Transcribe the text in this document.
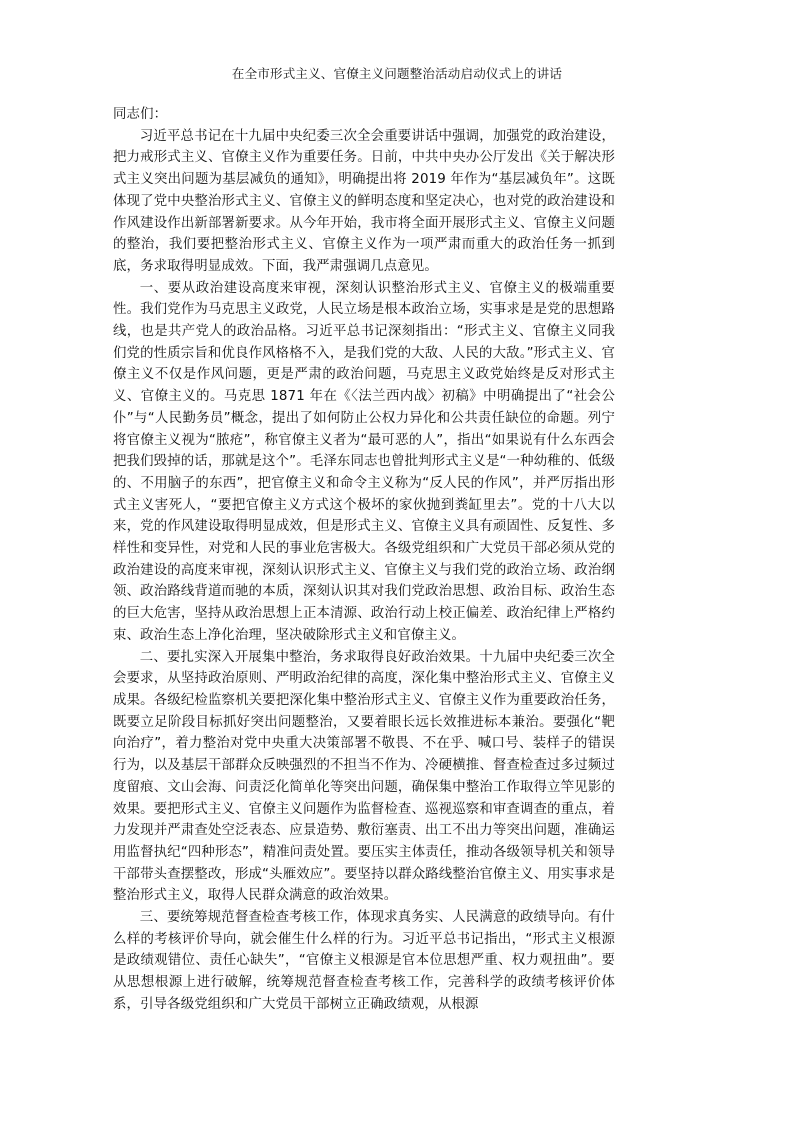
在全市形式主义、官僚主义问题整治活动启动仪式上的讲话

同志们：

习近平总书记在十九届中央纪委三次全会重要讲话中强调，加强党的政治建设，把力戒形式主义、官僚主义作为重要任务。日前，中共中央办公厅发出《关于解决形式主义突出问题为基层减负的通知》，明确提出将 2019 年作为“基层减负年”。这既体现了党中央整治形式主义、官僚主义的鲜明态度和坚定决心，也对党的政治建设和作风建设作出新部署新要求。从今年开始，我市将全面开展形式主义、官僚主义问题的整治，我们要把整治形式主义、官僚主义作为一项严肃而重大的政治任务一抓到底，务求取得明显成效。下面，我严肃强调几点意见。

一、要从政治建设高度来审视，深刻认识整治形式主义、官僚主义的极端重要性。我们党作为马克思主义政党，人民立场是根本政治立场，实事求是是党的思想路线，也是共产党人的政治品格。习近平总书记深刻指出：“形式主义、官僚主义同我们党的性质宗旨和优良作风格格不入，是我们党的大敌、人民的大敌。”形式主义、官僚主义不仅是作风问题，更是严肃的政治问题，马克思主义政党始终是反对形式主义、官僚主义的。马克思 1871 年在《〈法兰西内战〉初稿》中明确提出了“社会公仆”与“人民勤务员”概念，提出了如何防止公权力异化和公共责任缺位的命题。列宁将官僚主义视为“脓疮”，称官僚主义者为“最可恶的人”，指出“如果说有什么东西会把我们毁掉的话，那就是这个”。毛泽东同志也曾批判形式主义是“一种幼稚的、低级的、不用脑子的东西”，把官僚主义和命令主义称为“反人民的作风”，并严厉指出形式主义害死人，“要把官僚主义方式这个极坏的家伙抛到粪缸里去”。党的十八大以来，党的作风建设取得明显成效，但是形式主义、官僚主义具有顽固性、反复性、多样性和变异性，对党和人民的事业危害极大。各级党组织和广大党员干部必须从党的政治建设的高度来审视，深刻认识形式主义、官僚主义与我们党的政治立场、政治纲领、政治路线背道而驰的本质，深刻认识其对我们党政治思想、政治目标、政治生态的巨大危害，坚持从政治思想上正本清源、政治行动上校正偏差、政治纪律上严格约束、政治生态上净化治理，坚决破除形式主义和官僚主义。

二、要扎实深入开展集中整治，务求取得良好政治效果。十九届中央纪委三次全会要求，从坚持政治原则、严明政治纪律的高度，深化集中整治形式主义、官僚主义成果。各级纪检监察机关要把深化集中整治形式主义、官僚主义作为重要政治任务，既要立足阶段目标抓好突出问题整治，又要着眼长远长效推进标本兼治。要强化“靶向治疗”，着力整治对党中央重大决策部署不敬畏、不在乎、喊口号、装样子的错误行为，以及基层干部群众反映强烈的不担当不作为、冷硬横推、督查检查过多过频过度留痕、文山会海、问责泛化简单化等突出问题，确保集中整治工作取得立竿见影的效果。要把形式主义、官僚主义问题作为监督检查、巡视巡察和审查调查的重点，着力发现并严肃查处空泛表态、应景造势、敷衍塞责、出工不出力等突出问题，准确运用监督执纪“四种形态”，精准问责处置。要压实主体责任，推动各级领导机关和领导干部带头查摆整改，形成“头雁效应”。要坚持以群众路线整治官僚主义、用实事求是整治形式主义，取得人民群众满意的政治效果。

三、要统筹规范督查检查考核工作，体现求真务实、人民满意的政绩导向。有什么样的考核评价导向，就会催生什么样的行为。习近平总书记指出，“形式主义根源是政绩观错位、责任心缺失”，“官僚主义根源是官本位思想严重、权力观扭曲”。要从思想根源上进行破解，统筹规范督查检查考核工作，完善科学的政绩考核评价体系，引导各级党组织和广大党员干部树立正确政绩观，从根源
